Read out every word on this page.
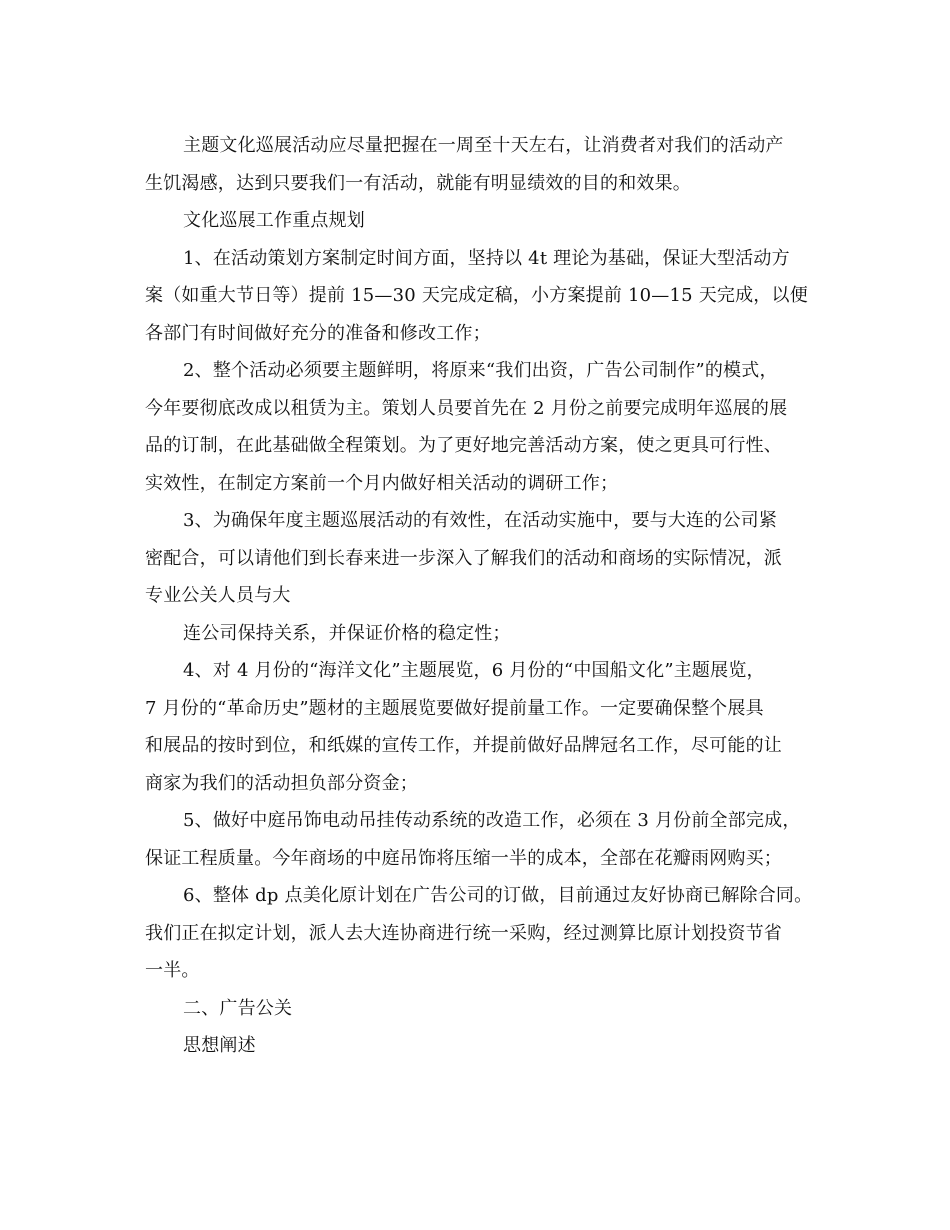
主题文化巡展活动应尽量把握在一周至十天左右，让消费者对我们的活动产
生饥渴感，达到只要我们一有活动，就能有明显绩效的目的和效果。
文化巡展工作重点规划
1、在活动策划方案制定时间方面，坚持以 4t 理论为基础，保证大型活动方
案（如重大节日等）提前 15—30 天完成定稿，小方案提前 10—15 天完成，以便
各部门有时间做好充分的准备和修改工作；
2、整个活动必须要主题鲜明，将原来“我们出资，广告公司制作”的模式，
今年要彻底改成以租赁为主。策划人员要首先在 2 月份之前要完成明年巡展的展
品的订制，在此基础做全程策划。为了更好地完善活动方案，使之更具可行性、
实效性，在制定方案前一个月内做好相关活动的调研工作；
3、为确保年度主题巡展活动的有效性，在活动实施中，要与大连的公司紧
密配合，可以请他们到长春来进一步深入了解我们的活动和商场的实际情况，派
专业公关人员与大
连公司保持关系，并保证价格的稳定性；
4、对 4 月份的“海洋文化”主题展览，6 月份的“中国船文化”主题展览，
7 月份的“革命历史”题材的主题展览要做好提前量工作。一定要确保整个展具
和展品的按时到位，和纸媒的宣传工作，并提前做好品牌冠名工作，尽可能的让
商家为我们的活动担负部分资金；
5、做好中庭吊饰电动吊挂传动系统的改造工作，必须在 3 月份前全部完成，
保证工程质量。今年商场的中庭吊饰将压缩一半的成本，全部在花瓣雨网购买；
6、整体 dp 点美化原计划在广告公司的订做，目前通过友好协商已解除合同。
我们正在拟定计划，派人去大连协商进行统一采购，经过测算比原计划投资节省
一半。
二、广告公关
思想阐述
